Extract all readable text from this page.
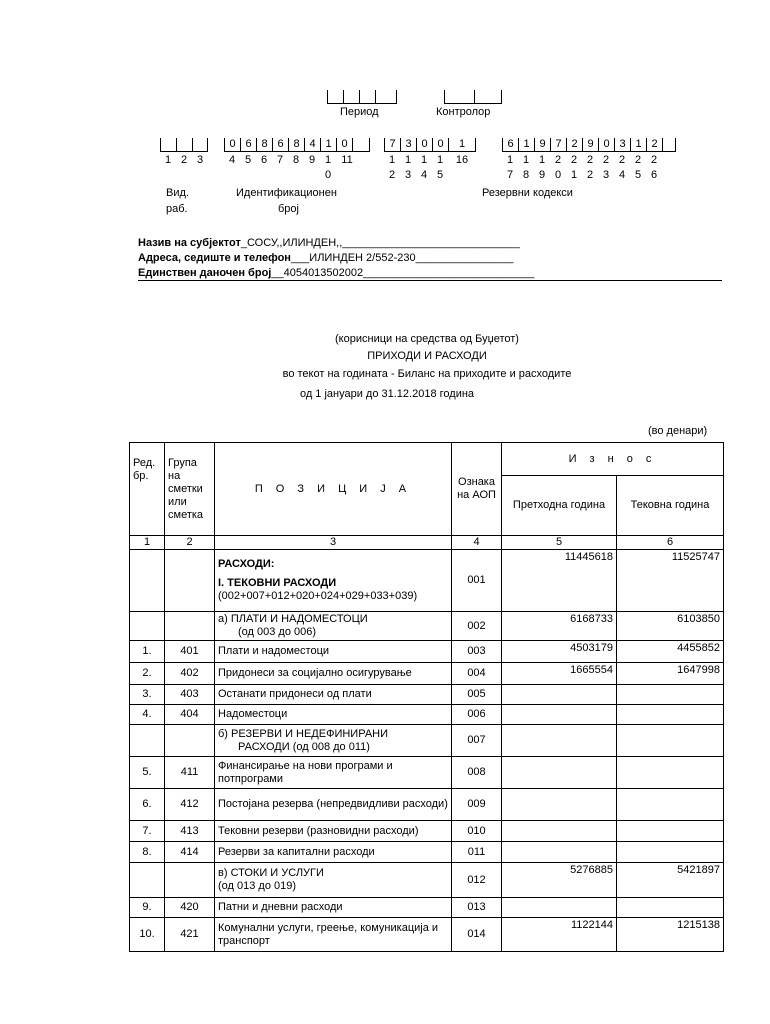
Период	Контролор
0 6 8 6 8 4 1 0	7 3 0 0	1	6 1 9 7 2 9 0 3 1 2
1 2 3	4 5 6 7 8 9 1 11
0
1 1 1 1	16
2 3 4 5
1 1 1 2 2 2 2 2 2 2
7 8 9 0 1 2 3 4 5 6
Вид.
раб.
Идентификационен
број
Резервни кодекси
Назив на субјектот_СОСУ,,ИЛИНДЕН,,_____________________________
Адреса, седиште и телефон___ИЛИНДЕН 2/552-230________________
Единствен даночен број__4054013502002____________________________
(корисници на средства од Буџетот)
ПРИХОДИ И РАСХОДИ
во текот на годината - Биланс на приходите и расходите
од 1 јануари до 31.12.2018 година
(во денари)
Ред. бр.	Група на сметки или сметка	П О З И Ц И Ј А	Ознака на АОП	И з н о с	
				Претходна година	Тековна година
1	2	3	4	5	6

		РАСХОДИ:
I. ТЕКОВНИ РАСХОДИ
(002+007+012+020+024+029+033+039)	001	11445618	11525747

		а) ПЛАТИ И НАДОМЕСТОЦИ
(од 003 до 006)	002	6168733	6103850
1.	401	Плати и надоместоци	003	4503179	4455852
2.	402	Придонеси за социјално осигурување	004	1665554	1647998
3.	403	Останати придонеси од плати	005		
4.	404	Надоместоци	006		

		б) РЕЗЕРВИ И НЕДЕФИНИРАНИ
РАСХОДИ (од 008 до 011)	007		
5.	411	Финансирање на нови програми и потпрограми	008		
6.	412	Постојана резерва (непредвидливи расходи)	009		
7.	413	Тековни резерви (разновидни расходи)	010		
8.	414	Резерви за капитални расходи	011		

		в) СТОКИ И УСЛУГИ
(од 013 до 019)	012	5276885	5421897
9.	420	Патни и дневни расходи	013		
10.	421	Комунални услуги, греење, комуникација и транспорт	014	1122144	1215138
